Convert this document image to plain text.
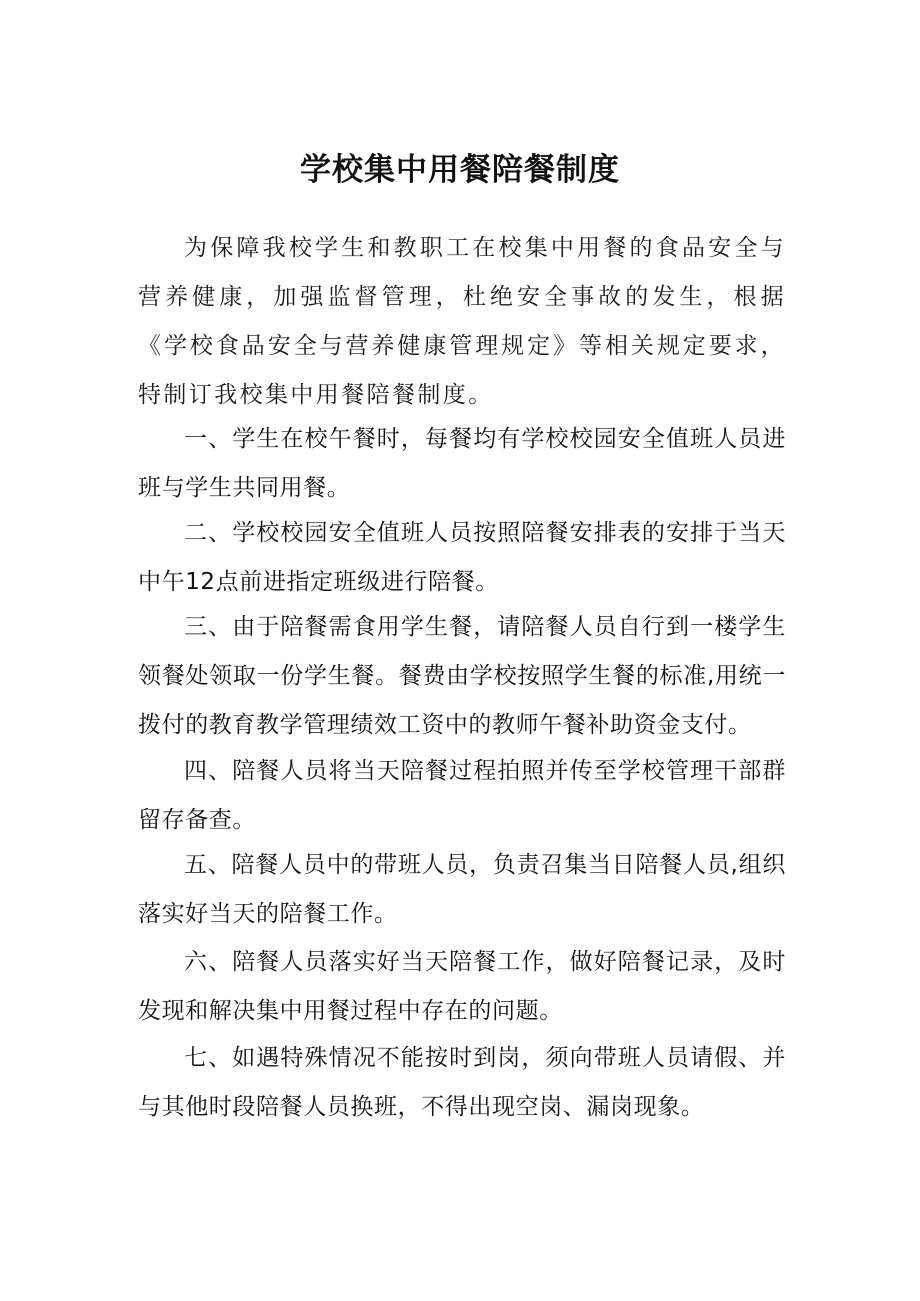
学校集中用餐陪餐制度

为保障我校学生和教职工在校集中用餐的食品安全与营养健康，加强监督管理，杜绝安全事故的发生，根据《学校食品安全与营养健康管理规定》等相关规定要求，特制订我校集中用餐陪餐制度。

一、学生在校午餐时，每餐均有学校校园安全值班人员进班与学生共同用餐。

二、学校校园安全值班人员按照陪餐安排表的安排于当天中午12点前进指定班级进行陪餐。

三、由于陪餐需食用学生餐，请陪餐人员自行到一楼学生领餐处领取一份学生餐。餐费由学校按照学生餐的标准,用统一拨付的教育教学管理绩效工资中的教师午餐补助资金支付。

四、陪餐人员将当天陪餐过程拍照并传至学校管理干部群留存备查。

五、陪餐人员中的带班人员，负责召集当日陪餐人员,组织落实好当天的陪餐工作。

六、陪餐人员落实好当天陪餐工作，做好陪餐记录，及时发现和解决集中用餐过程中存在的问题。

七、如遇特殊情况不能按时到岗，须向带班人员请假、并与其他时段陪餐人员换班，不得出现空岗、漏岗现象。
